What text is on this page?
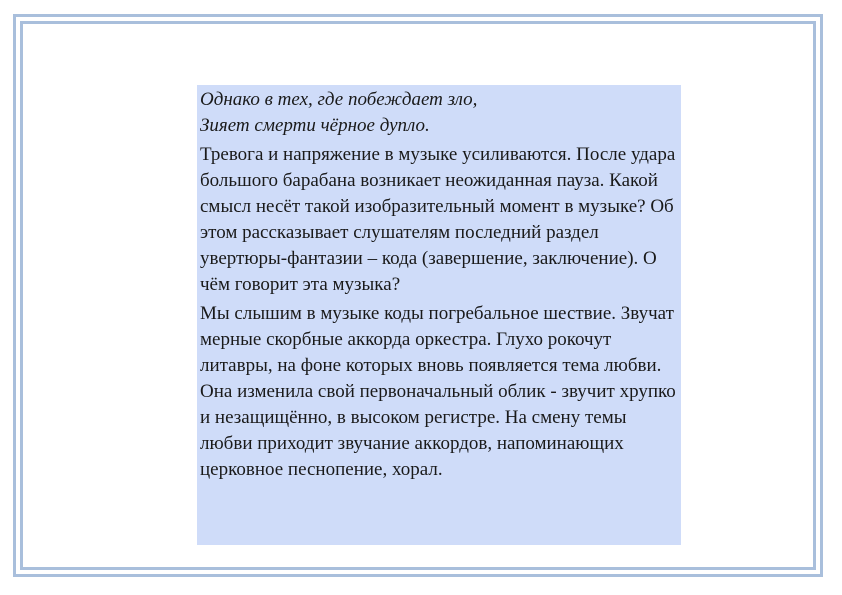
Однако в тех, где побеждает зло,
Зияет смерти чёрное дупло.

Тревога и напряжение в музыке усиливаются. После удара большого барабана возникает неожиданная пауза. Какой смысл несёт такой изобразительный момент в музыке? Об этом рассказывает слушателям последний раздел увертюры-фантазии – кода (завершение, заключение). О чём говорит эта музыка?

Мы слышим в музыке коды погребальное шествие. Звучат мерные скорбные аккорда оркестра. Глухо рокочут литавры, на фоне которых вновь появляется тема любви. Она изменила свой первоначальный облик - звучит хрупко и незащищённо, в высоком регистре. На смену темы любви приходит звучание аккордов, напоминающих церковное песнопение, хорал.
